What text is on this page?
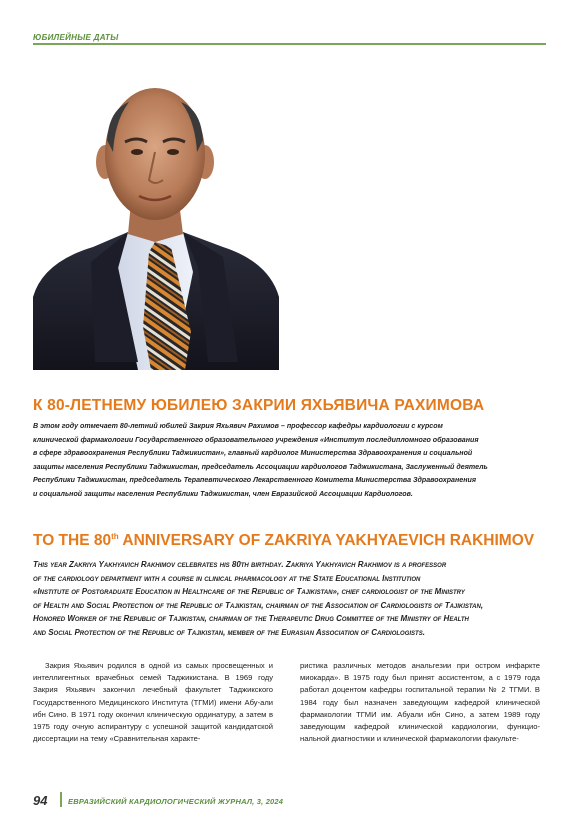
ЮБИЛЕЙНЫЕ ДАТЫ
К 80-ЛЕТНЕМУ ЮБИЛЕЮ ЗАКРИИ ЯХЬЯВИЧА РАХИМОВА
В этом году отмечает 80-летний юбилей Закрия Яхьявич Рахимов – профессор кафедры кардиологии с курсом
клинической фармакологии Государственного образовательного учреждения «Институт последипломного образования
в сфере здравоохранения Республики Таджикистан», главный кардиолог Министерства Здравоохранения и социальной
защиты населения Республики Таджикистан, председатель Ассоциации кардиологов Таджикистана, Заслуженный деятель
Республики Таджикистан, председатель Терапевтического Лекарственного Комитета Министерства Здравоохранения
и социальной защиты населения Республики Таджикистан, член Евразийской Ассоциации Кардиологов.
TO THE 80th ANNIVERSARY OF ZAKRIYA YAKHYAEVICH RAKHIMOV
This year Zakriya Yakhyavich Rakhimov celebrates his 80th birthday. Zakriya Yakhyavich Rakhimov is a professor
of the cardiology department with a course in clinical pharmacology at the State Educational Institution
«Institute of Postgraduate Education in Healthcare of the Republic of Tajikistan», chief cardiologist of the Ministry
of Health and Social Protection of the Republic of Tajikistan, chairman of the Association of Cardiologists of Tajikistan,
Honored Worker of the Republic of Tajikistan, chairman of the Therapeutic Drug Committee of the Ministry of Health
and Social Protection of the Republic of Tajikistan, member of the Eurasian Association of Cardiologists.
Закрия Яхьявич родился в одной из самых просвещенных и интеллигентных врачебных семей Таджикистана. В 1969 году Закрия Яхьявич закончил лечебный факультет Таджикского Государственного Медицинского Института (ТГМИ) имени Абу-али ибн Сино. В 1971 году окончил клиническую ординатуру, а затем в 1975 году очную аспирантуру с успешной защитой кандидатской диссертации на тему «Сравнительная характе-
ристика различных методов анальгезии при остром инфаркте миокарда». В 1975 году был принят ассистентом, а с 1979 года работал доцентом кафедры госпитальной терапии № 2 ТГМИ. В 1984 году был назначен заведующим кафедрой клинической фармакологии ТГМИ им. Абуали ибн Сино, а затем 1989 году заведующим кафедрой клинической кардиологии, функцио-нальной диагностики и клинической фармакологии факульте-
94	ЕВРАЗИЙСКИЙ КАРДИОЛОГИЧЕСКИЙ ЖУРНАЛ, 3, 2024
